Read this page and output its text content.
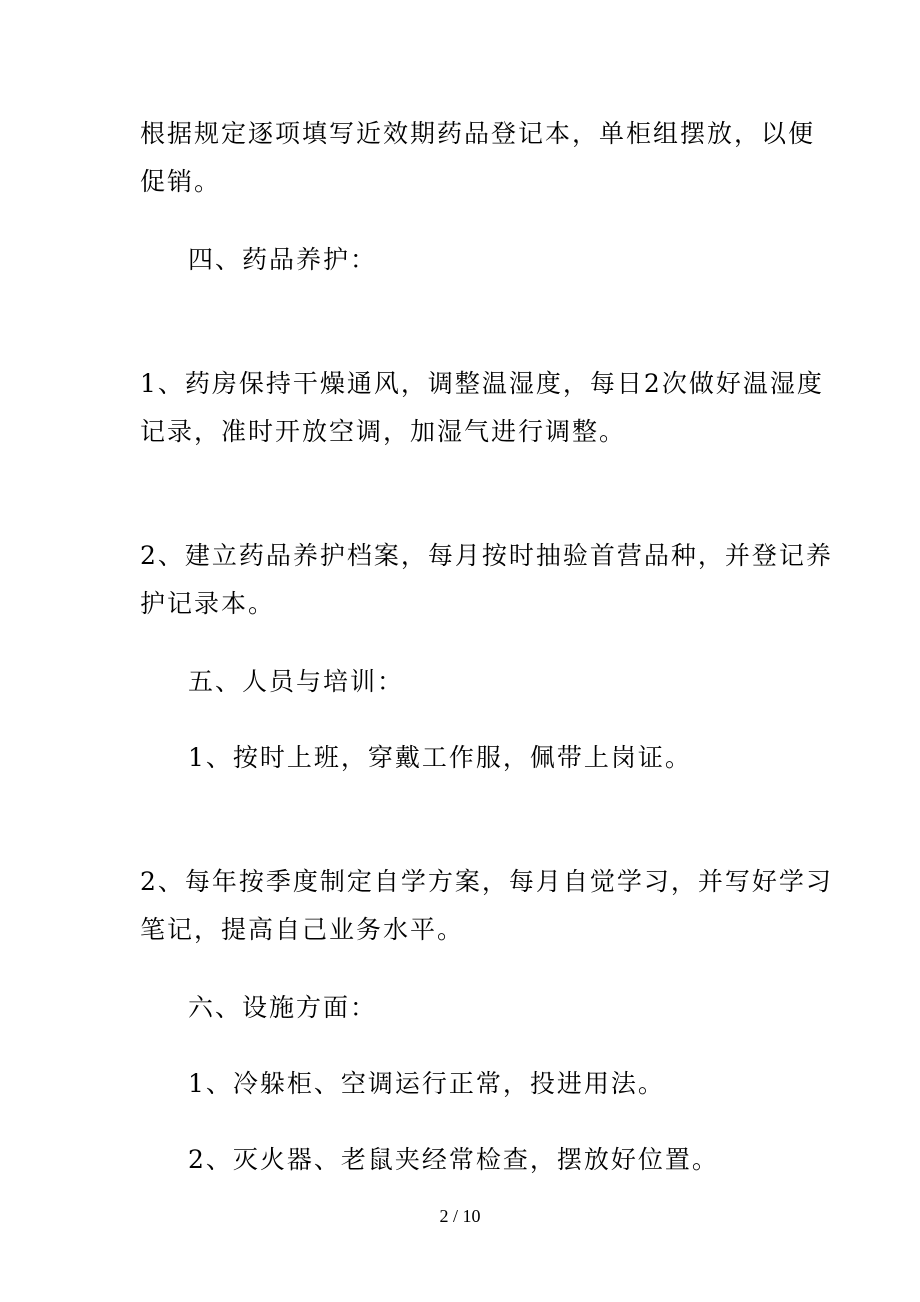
根据规定逐项填写近效期药品登记本，单柜组摆放，以便
促销。
四、药品养护：
1、药房保持干燥通风，调整温湿度，每日2次做好温湿度
记录，准时开放空调，加湿气进行调整。
2、建立药品养护档案，每月按时抽验首营品种，并登记养
护记录本。
五、人员与培训：
1、按时上班，穿戴工作服，佩带上岗证。
2、每年按季度制定自学方案，每月自觉学习，并写好学习
笔记，提高自己业务水平。
六、设施方面：
1、冷躲柜、空调运行正常，投进用法。
2、灭火器、老鼠夹经常检查，摆放好位置。
2 / 10
